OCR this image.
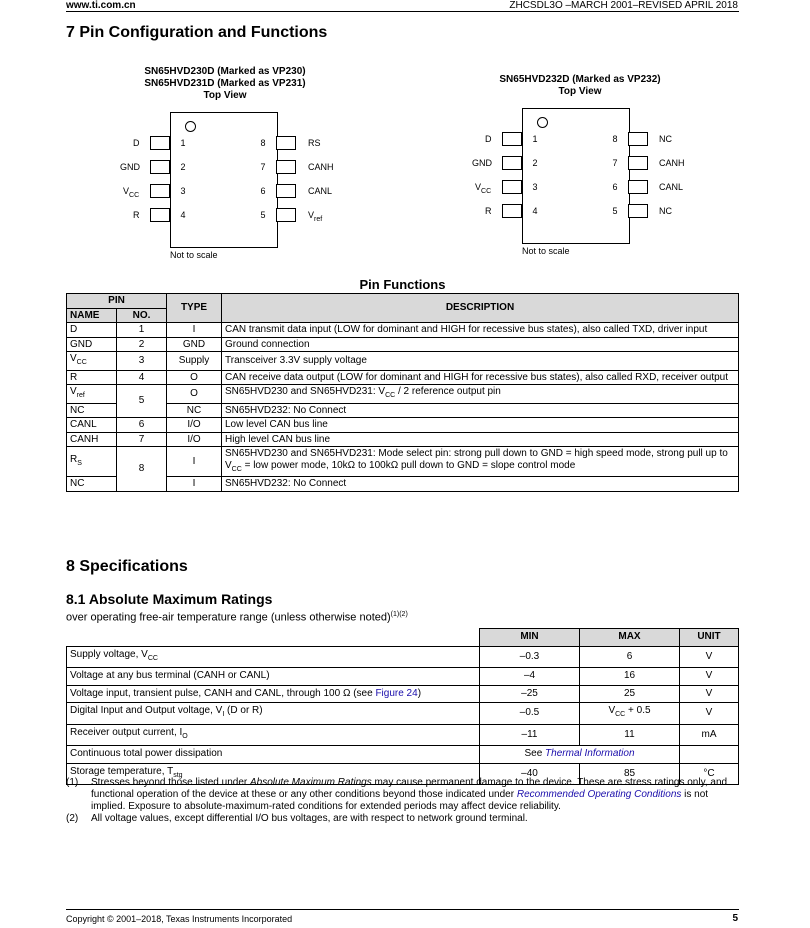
www.ti.com.cn	ZHCSDL3O –MARCH 2001–REVISED APRIL 2018
7 Pin Configuration and Functions
SN65HVD230D (Marked as VP230)
SN65HVD231D (Marked as VP231)
Top View
D
GND
$V_{CC}$
R
RS
CANH
CANL
$V_{ref}$
1
2
3
4
8
7
6
5
Not to scale
SN65HVD232D (Marked as VP232)
Top View
D
GND
$V_{CC}$
R
NC
CANH
CANL
NC
1
2
3
4
8
7
6
5
Not to scale
Pin Functions
PIN		TYPE	DESCRIPTION
NAME	NO.		
D	1	I	CAN transmit data input (LOW for dominant and HIGH for recessive bus states), also called TXD, driver input
GND	2	GND	Ground connection
$V_{CC}$	3	Supply	Transceiver 3.3V supply voltage
R	4	O	CAN receive data output (LOW for dominant and HIGH for recessive bus states), also called RXD, receiver output
$V_{ref}$	5	O	SN65HVD230 and SN65HVD231: $V_{CC} / 2$ reference output pin
NC		NC	SN65HVD232: No Connect
CANL	6	I/O	Low level CAN bus line
CANH	7	I/O	High level CAN bus line
$R_S$	8	I	SN65HVD230 and SN65HVD231: Mode select pin: strong pull down to GND = high speed mode, strong pull up to $V_{CC}$ = low power mode, 10kΩ to 100kΩ pull down to GND = slope control mode
NC		I	SN65HVD232: No Connect
8 Specifications
8.1 Absolute Maximum Ratings
over operating free-air temperature range (unless otherwise noted)$^{(1)(2)}$
	MIN	MAX	UNIT
Supply voltage, $V_{CC}$	–0.3	6	V
Voltage at any bus terminal (CANH or CANL)	–4	16	V
Voltage input, transient pulse, CANH and CANL, through 100 Ω (see Figure 24)	–25	25	V
Digital Input and Output voltage, $V_I$ (D or R)	–0.5	$V_{CC} + 0.5$	V
Receiver output current, $I_O$	–11	11	mA
Continuous total power dissipation	See Thermal Information		
Storage temperature, $T_{stg}$	–40	85	°C
(1) Stresses beyond those listed under Absolute Maximum Ratings may cause permanent damage to the device. These are stress ratings only, and functional operation of the device at these or any other conditions beyond those indicated under Recommended Operating Conditions is not implied. Exposure to absolute-maximum-rated conditions for extended periods may affect device reliability.
(2) All voltage values, except differential I/O bus voltages, are with respect to network ground terminal.
Copyright © 2001–2018, Texas Instruments Incorporated	5
